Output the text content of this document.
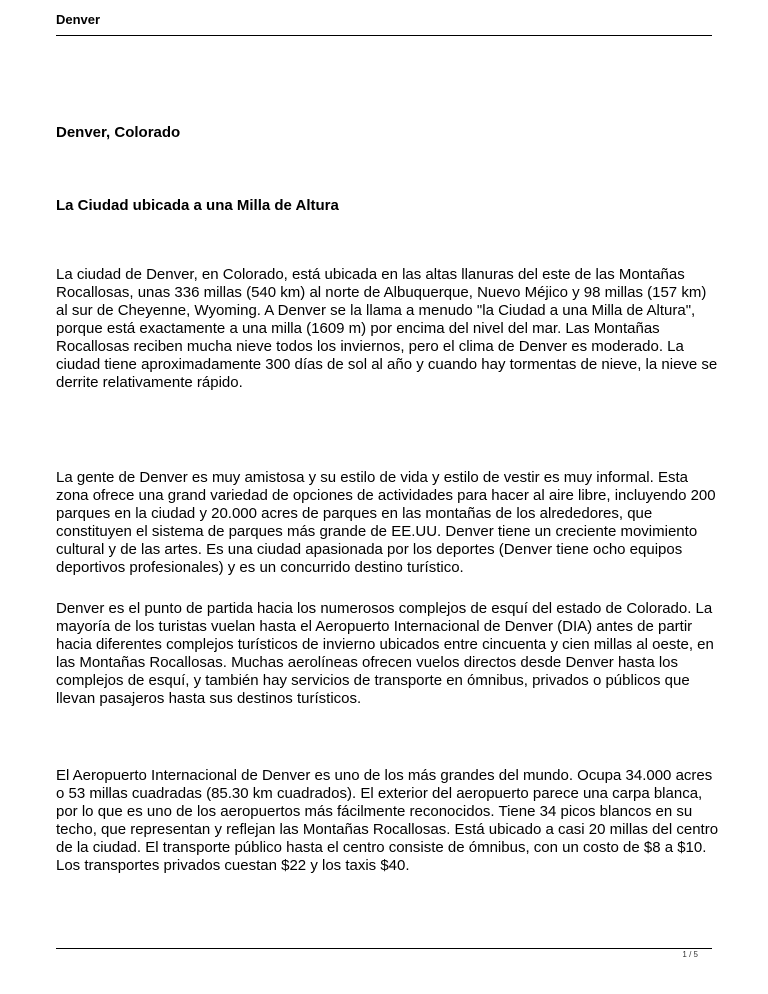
Denver
Denver, Colorado
La Ciudad ubicada a una Milla de Altura

La ciudad de Denver, en Colorado, está ubicada en las altas llanuras del este de las Montañas Rocallosas, unas 336 millas (540 km) al norte de Albuquerque, Nuevo Méjico y 98 millas (157 km) al sur de Cheyenne, Wyoming. A Denver se la llama a menudo "la Ciudad a una Milla de Altura", porque está exactamente a una milla (1609 m) por encima del nivel del mar. Las Montañas Rocallosas reciben mucha nieve todos los inviernos, pero el clima de Denver es moderado. La ciudad tiene aproximadamente 300 días de sol al año y cuando hay tormentas de nieve, la nieve se derrite relativamente rápido.

La gente de Denver es muy amistosa y su estilo de vida y estilo de vestir es muy informal. Esta zona ofrece una grand variedad de opciones de actividades para hacer al aire libre, incluyendo 200 parques en la ciudad y 20.000 acres de parques en las montañas de los alrededores, que constituyen el sistema de parques más grande de EE.UU. Denver tiene un creciente movimiento cultural y de las artes. Es una ciudad apasionada por los deportes (Denver tiene ocho equipos deportivos profesionales) y es un concurrido destino turístico.

Denver es el punto de partida hacia los numerosos complejos de esquí del estado de Colorado. La mayoría de los turistas vuelan hasta el Aeropuerto Internacional de Denver (DIA) antes de partir hacia diferentes complejos turísticos de invierno ubicados entre cincuenta y cien millas al oeste, en las Montañas Rocallosas. Muchas aerolíneas ofrecen vuelos directos desde Denver hasta los complejos de esquí, y también hay servicios de transporte en ómnibus, privados o públicos que llevan pasajeros hasta sus destinos turísticos.

El Aeropuerto Internacional de Denver es uno de los más grandes del mundo. Ocupa 34.000 acres o 53 millas cuadradas (85.30 km cuadrados). El exterior del aeropuerto parece una carpa blanca, por lo que es uno de los aeropuertos más fácilmente reconocidos. Tiene 34 picos blancos en su techo, que representan y reflejan las Montañas Rocallosas. Está ubicado a casi 20 millas del centro de la ciudad. El transporte público hasta el centro consiste de ómnibus, con un costo de $8 a $10. Los transportes privados cuestan $22 y los taxis $40.

1 / 5
